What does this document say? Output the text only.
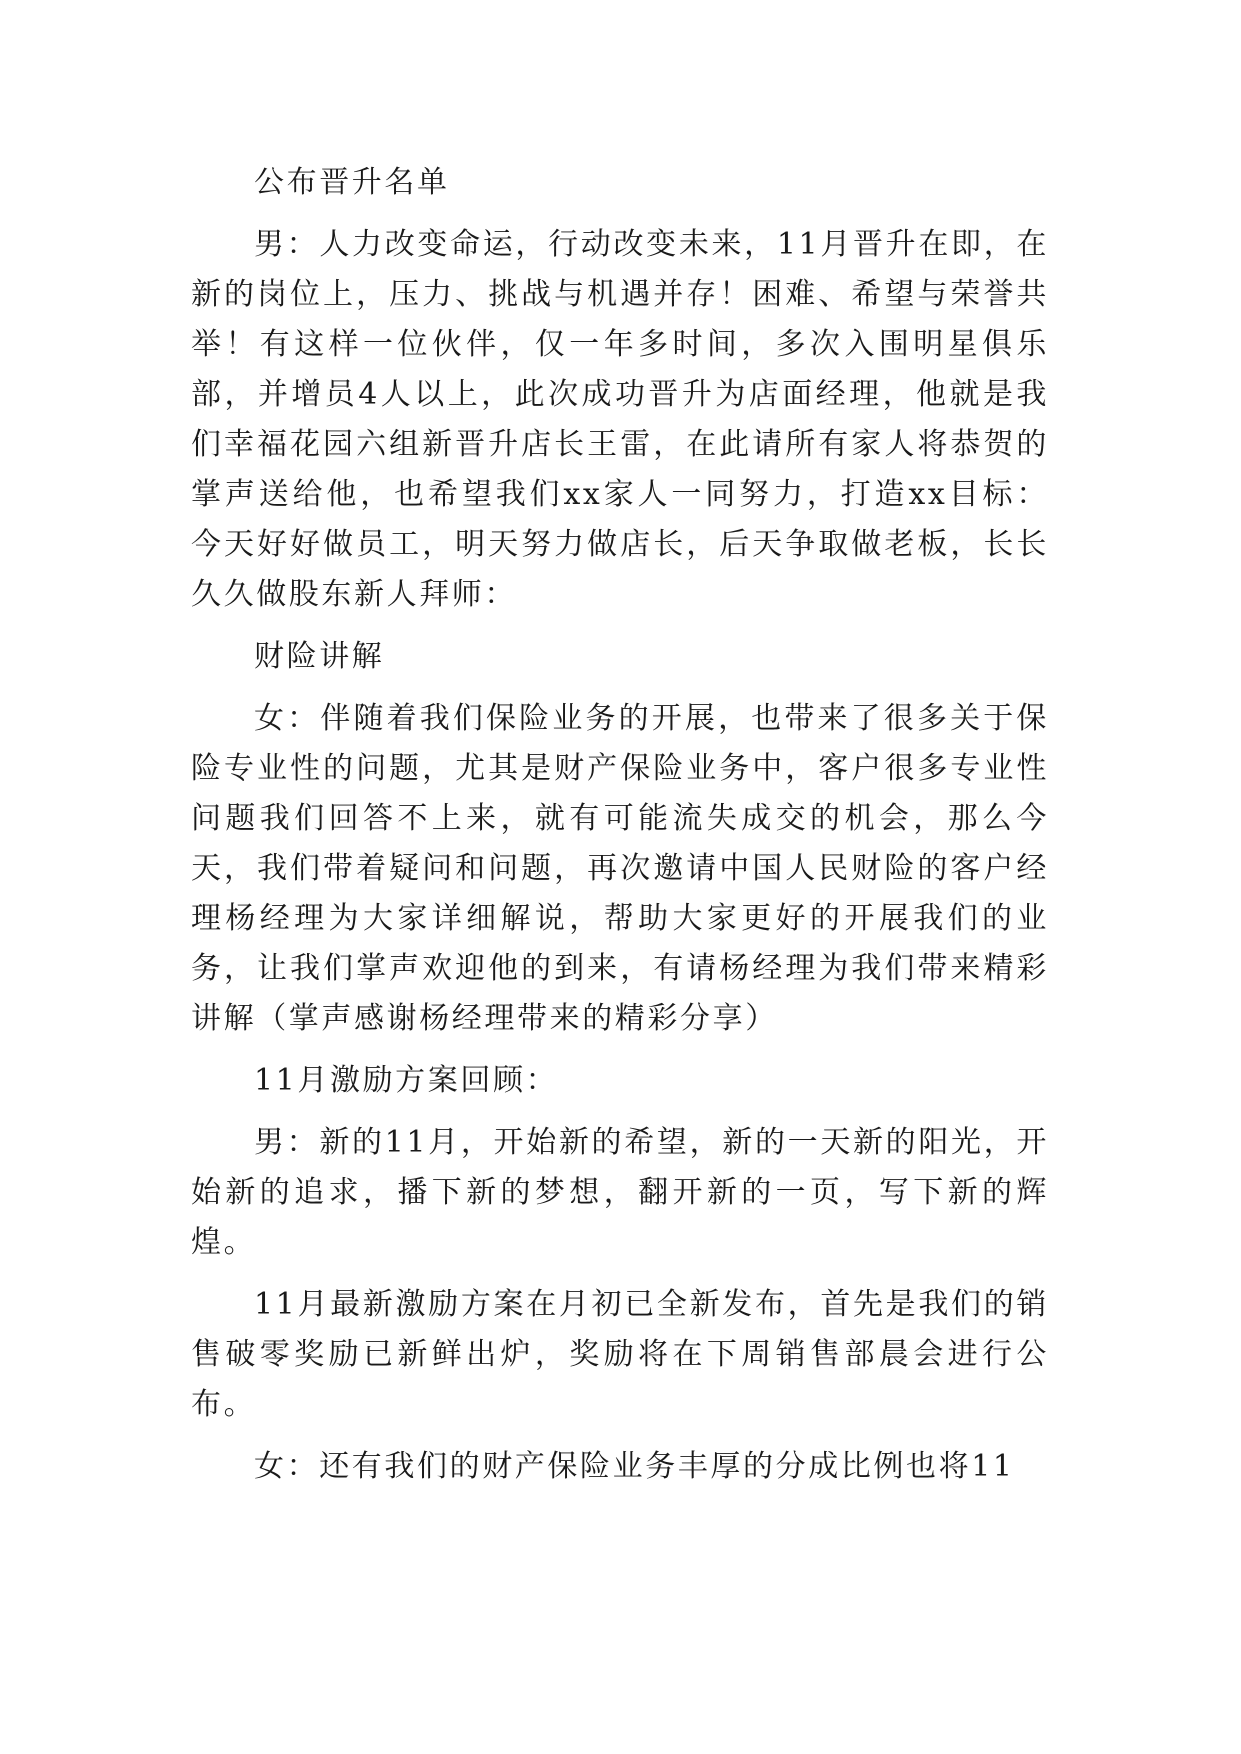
公布晋升名单

男：人力改变命运，行动改变未来，11月晋升在即，在新的岗位上，压力、挑战与机遇并存！困难、希望与荣誉共举！有这样一位伙伴，仅一年多时间，多次入围明星俱乐部，并增员4人以上，此次成功晋升为店面经理，他就是我们幸福花园六组新晋升店长王雷，在此请所有家人将恭贺的掌声送给他，也希望我们xx家人一同努力，打造xx目标：今天好好做员工，明天努力做店长，后天争取做老板，长长久久做股东新人拜师：

财险讲解

女：伴随着我们保险业务的开展，也带来了很多关于保险专业性的问题，尤其是财产保险业务中，客户很多专业性问题我们回答不上来，就有可能流失成交的机会，那么今天，我们带着疑问和问题，再次邀请中国人民财险的客户经理杨经理为大家详细解说，帮助大家更好的开展我们的业务，让我们掌声欢迎他的到来，有请杨经理为我们带来精彩讲解（掌声感谢杨经理带来的精彩分享）

11月激励方案回顾：

男：新的11月，开始新的希望，新的一天新的阳光，开始新的追求，播下新的梦想，翻开新的一页，写下新的辉煌。

11月最新激励方案在月初已全新发布，首先是我们的销售破零奖励已新鲜出炉，奖励将在下周销售部晨会进行公布。

女：还有我们的财产保险业务丰厚的分成比例也将11
